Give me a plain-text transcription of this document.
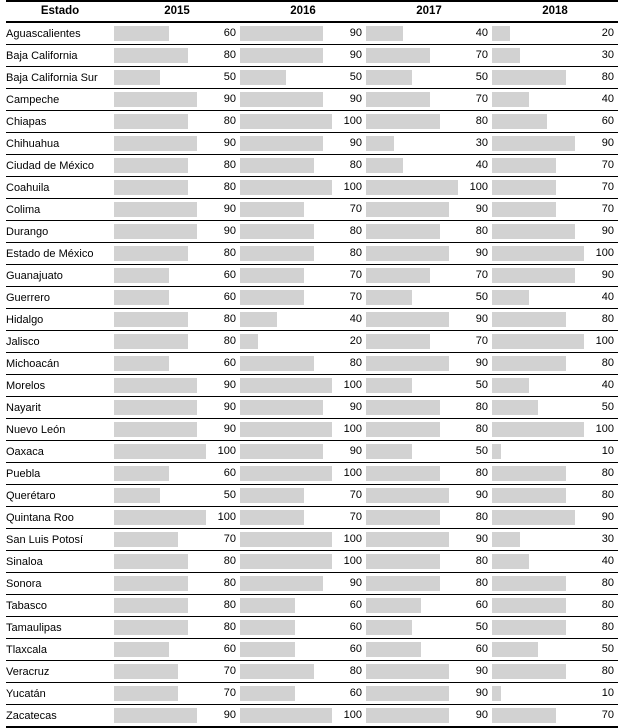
Estado	2015	2016	2017	2018
Aguascalientes	60	90	40	20

Baja California	80	90	70	30

Baja California Sur	50	50	50	80

Campeche	90	90	70	40

Chiapas	80	100	80	60

Chihuahua	90	90	30	90

Ciudad de México	80	80	40	70

Coahuila	80	100	100	70

Colima	90	70	90	70

Durango	90	80	80	90

Estado de México	80	80	90	100

Guanajuato	60	70	70	90

Guerrero	60	70	50	40

Hidalgo	80	40	90	80

Jalisco	80	20	70	100

Michoacán	60	80	90	80

Morelos	90	100	50	40

Nayarit	90	90	80	50

Nuevo León	90	100	80	100

Oaxaca	100	90	50	10

Puebla	60	100	80	80

Querétaro	50	70	90	80

Quintana Roo	100	70	80	90

San Luis Potosí	70	100	90	30

Sinaloa	80	100	80	40

Sonora	80	90	80	80

Tabasco	80	60	60	80

Tamaulipas	80	60	50	80

Tlaxcala	60	60	60	50

Veracruz	70	80	90	80

Yucatán	70	60	90	10

Zacatecas	90	100	90	70
